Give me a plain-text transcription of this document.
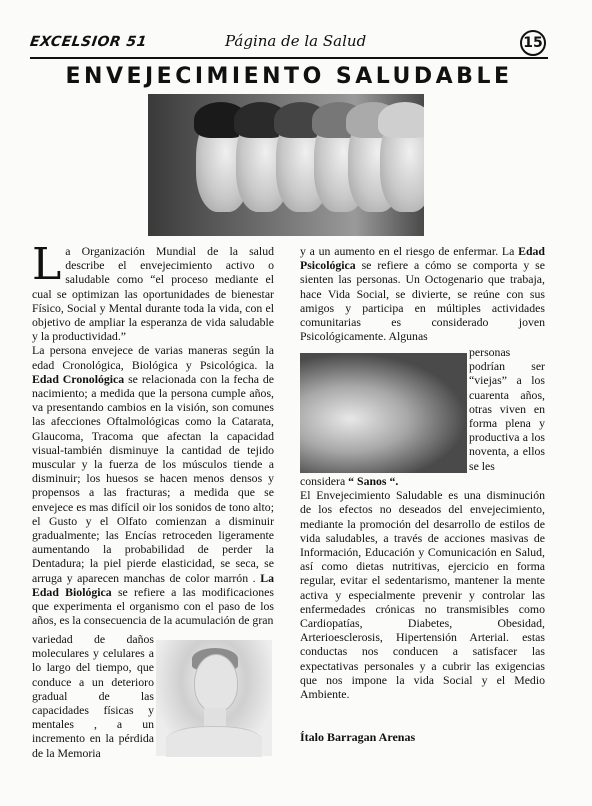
EXCELSIOR 51	Página de la Salud	15
ENVEJECIMIENTO SALUDABLE

La Organización Mundial de la salud describe el envejecimiento activo o saludable como “el proceso mediante el cual se optimizan las oportunidades de bienestar Físico, Social y Mental durante toda la vida, con el objetivo de ampliar la esperanza de vida saludable y la productividad.”

La persona envejece de varias maneras según la edad Cronológica, Biológica y Psicológica. la Edad Cronológica se relacionada con la fecha de nacimiento; a medida que la persona cumple años, va presentando cambios en la visión, son comunes las afecciones Oftalmológicas como la Catarata, Glaucoma, Tracoma que afectan la capacidad visual-también disminuye la cantidad de tejido muscular y la fuerza de los músculos tiende a disminuir; los huesos se hacen menos densos y propensos a las fracturas; a medida que se envejece es mas difícil oir los sonidos de tono alto; el Gusto y el Olfato comienzan a disminuir gradualmente; las Encías retroceden ligeramente aumentando la probabilidad de perder la Dentadura; la piel pierde elasticidad, se seca, se arruga y aparecen manchas de color marrón . La Edad Biológica se refiere a las modificaciones que experimenta el organismo con el paso de los años, es la consecuencia de la acumulación de gran

variedad de daños moleculares y celulares a lo largo del tiempo, que conduce a un deterioro gradual de las capacidades físicas y mentales , a un incremento en la pérdida de la Memoria

y a un aumento en el riesgo de enfermar. La Edad Psicológica se refiere a cómo se comporta y se sienten las personas. Un Octogenario que trabaja, hace Vida Social, se divierte, se reúne con sus amigos y participa en múltiples actividades comunitarias es considerado joven Psicológicamente. Algunas

personas podrían ser “viejas” a los cuarenta años, otras viven en forma plena y productiva a los noventa, a ellos se les

considera “ Sanos “.

El Envejecimiento Saludable es una disminución de los efectos no deseados del envejecimiento, mediante la promoción del desarrollo de estilos de vida saludables, a través de acciones masivas de Información, Educación y Comunicación en Salud, así como dietas nutritivas, ejercicio en forma regular, evitar el sedentarismo, mantener la mente activa y especialmente prevenir y controlar las enfermedades crónicas no transmisibles como Cardiopatías, Diabetes, Obesidad, Arterioesclerosis, Hipertensión Arterial. estas conductas nos conducen a satisfacer las expectativas personales y a cubrir las exigencias que nos impone la vida Social y el Medio Ambiente.

Ítalo Barragan Arenas
